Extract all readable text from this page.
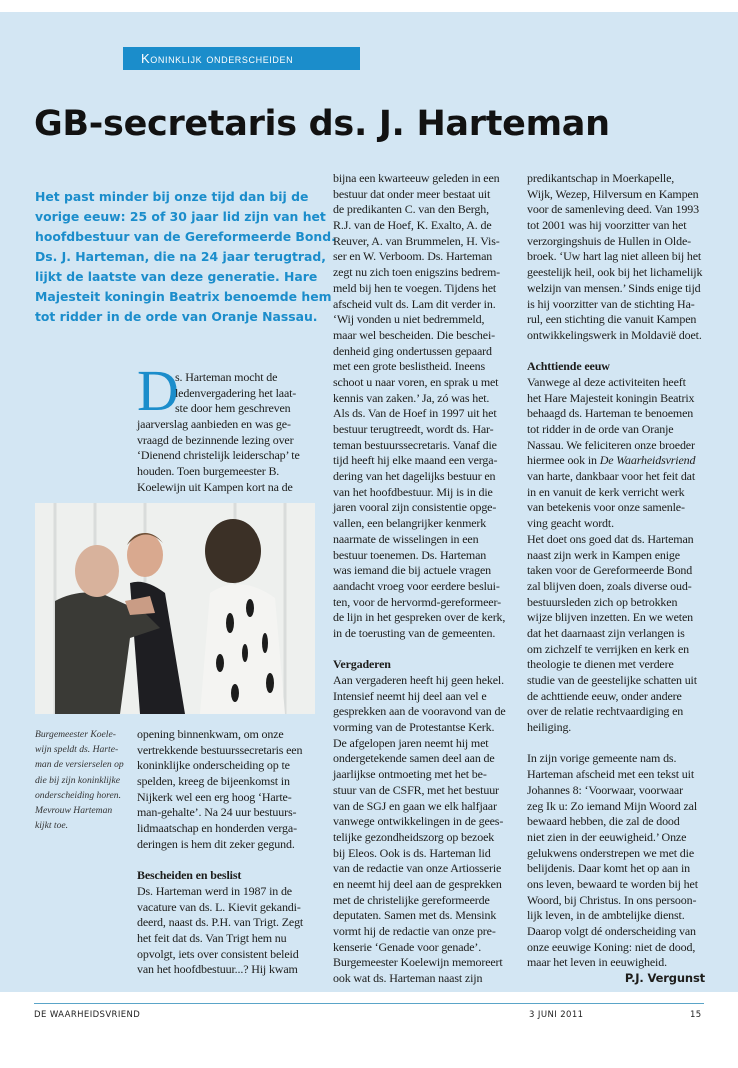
Koninklijk onderscheiden
GB-secretaris ds. J. Harteman
Het past minder bij onze tijd dan bij de
vorige eeuw: 25 of 30 jaar lid zijn van het
hoofdbestuur van de Gereformeerde Bond.
Ds. J. Harteman, die na 24 jaar terugtrad,
lijkt de laatste van deze generatie. Hare
Majesteit koningin Beatrix benoemde hem
tot ridder in de orde van Oranje Nassau.
D
s. Harteman mocht de
ledenvergadering het laat-
ste door hem geschreven
jaarverslag aanbieden en was ge-
vraagd de bezinnende lezing over
‘Dienend christelijk leiderschap’ te
houden. Toen burgemeester B.
Koelewijn uit Kampen kort na de
Burgemeester Koele-
wijn speldt ds. Harte-
man de versierselen op
die bij zijn koninklijke
onderscheiding horen.
Mevrouw Harteman
kijkt toe.
opening binnenkwam, om onze
vertrekkende bestuurssecretaris een
koninklijke onderscheiding op te
spelden, kreeg de bijeenkomst in
Nijkerk wel een erg hoog ‘Harte-
man-gehalte’. Na 24 uur bestuurs-
lidmaatschap en honderden verga-
deringen is hem dit zeker gegund.
Bescheiden en beslist
Ds. Harteman werd in 1987 in de
vacature van ds. L. Kievit gekandi-
deerd, naast ds. P.H. van Trigt. Zegt
het feit dat ds. Van Trigt hem nu
opvolgt, iets over consistent beleid
van het hoofdbestuur...? Hij kwam
bijna een kwarteeuw geleden in een
bestuur dat onder meer bestaat uit
de predikanten C. van den Bergh,
R.J. van de Hoef, K. Exalto, A. de
Reuver, A. van Brummelen, H. Vis-
ser en W. Verboom. Ds. Harteman
zegt nu zich toen enigszins bedrem-
meld bij hen te voegen. Tijdens het
afscheid vult ds. Lam dit verder in.
‘Wij vonden u niet bedremmeld,
maar wel bescheiden. Die beschei-
denheid ging ondertussen gepaard
met een grote beslistheid. Ineens
schoot u naar voren, en sprak u met
kennis van zaken.’ Ja, zó was het.
Als ds. Van de Hoef in 1997 uit het
bestuur terugtreedt, wordt ds. Har-
teman bestuurssecretaris. Vanaf die
tijd heeft hij elke maand een verga-
dering van het dagelijks bestuur en
van het hoofdbestuur. Mij is in die
jaren vooral zijn consistentie opge-
vallen, een belangrijker kenmerk
naarmate de wisselingen in een
bestuur toenemen. Ds. Harteman
was iemand die bij actuele vragen
aandacht vroeg voor eerdere beslui-
ten, voor de hervormd-gereformeer-
de lijn in het gespreken over de kerk,
in de toerusting van de gemeenten.
Vergaderen
Aan vergaderen heeft hij geen hekel.
Intensief neemt hij deel aan vel e
gesprekken aan de vooravond van de
vorming van de Protestantse Kerk.
De afgelopen jaren neemt hij met
ondergetekende samen deel aan de
jaarlijkse ontmoeting met het be-
stuur van de CSFR, met het bestuur
van de SGJ en gaan we elk halfjaar
vanwege ontwikkelingen in de gees-
telijke gezondheidszorg op bezoek
bij Eleos. Ook is ds. Harteman lid
van de redactie van onze Artiosserie
en neemt hij deel aan de gesprekken
met de christelijke gereformeerde
deputaten. Samen met ds. Mensink
vormt hij de redactie van onze pre-
kenserie ‘Genade voor genade’.
Burgemeester Koelewijn memoreert
ook wat ds. Harteman naast zijn
predikantschap in Moerkapelle,
Wijk, Wezep, Hilversum en Kampen
voor de samenleving deed. Van 1993
tot 2001 was hij voorzitter van het
verzorgingshuis de Hullen in Olde-
broek. ‘Uw hart lag niet alleen bij het
geestelijk heil, ook bij het lichamelijk
welzijn van mensen.’ Sinds enige tijd
is hij voorzitter van de stichting Ha-
rul, een stichting die vanuit Kampen
ontwikkelingswerk in Moldavië doet.
Achttiende eeuw
Vanwege al deze activiteiten heeft
het Hare Majesteit koningin Beatrix
behaagd ds. Harteman te benoemen
tot ridder in de orde van Oranje
Nassau. We feliciteren onze broeder
hiermee ook in De Waarheidsvriend
van harte, dankbaar voor het feit dat
in en vanuit de kerk verricht werk
van betekenis voor onze samenle-
ving geacht wordt.
Het doet ons goed dat ds. Harteman
naast zijn werk in Kampen enige
taken voor de Gereformeerde Bond
zal blijven doen, zoals diverse oud-
bestuursleden zich op betrokken
wijze blijven inzetten. En we weten
dat het daarnaast zijn verlangen is
om zichzelf te verrijken en kerk en
theologie te dienen met verdere
studie van de geestelijke schatten uit
de achttiende eeuw, onder andere
over de relatie rechtvaardiging en
heiliging.
In zijn vorige gemeente nam ds.
Harteman afscheid met een tekst uit
Johannes 8: ‘Voorwaar, voorwaar
zeg Ik u: Zo iemand Mijn Woord zal
bewaard hebben, die zal de dood
niet zien in der eeuwigheid.’ Onze
gelukwens onderstrepen we met die
belijdenis. Daar komt het op aan in
ons leven, bewaard te worden bij het
Woord, bij Christus. In ons persoon-
lijk leven, in de ambtelijke dienst.
Daarop volgt dé onderscheiding van
onze eeuwige Koning: niet de dood,
maar het leven in eeuwigheid.
P.J. Vergunst
DE WAARHEIDSVRIEND	3 JUNI 2011	15
